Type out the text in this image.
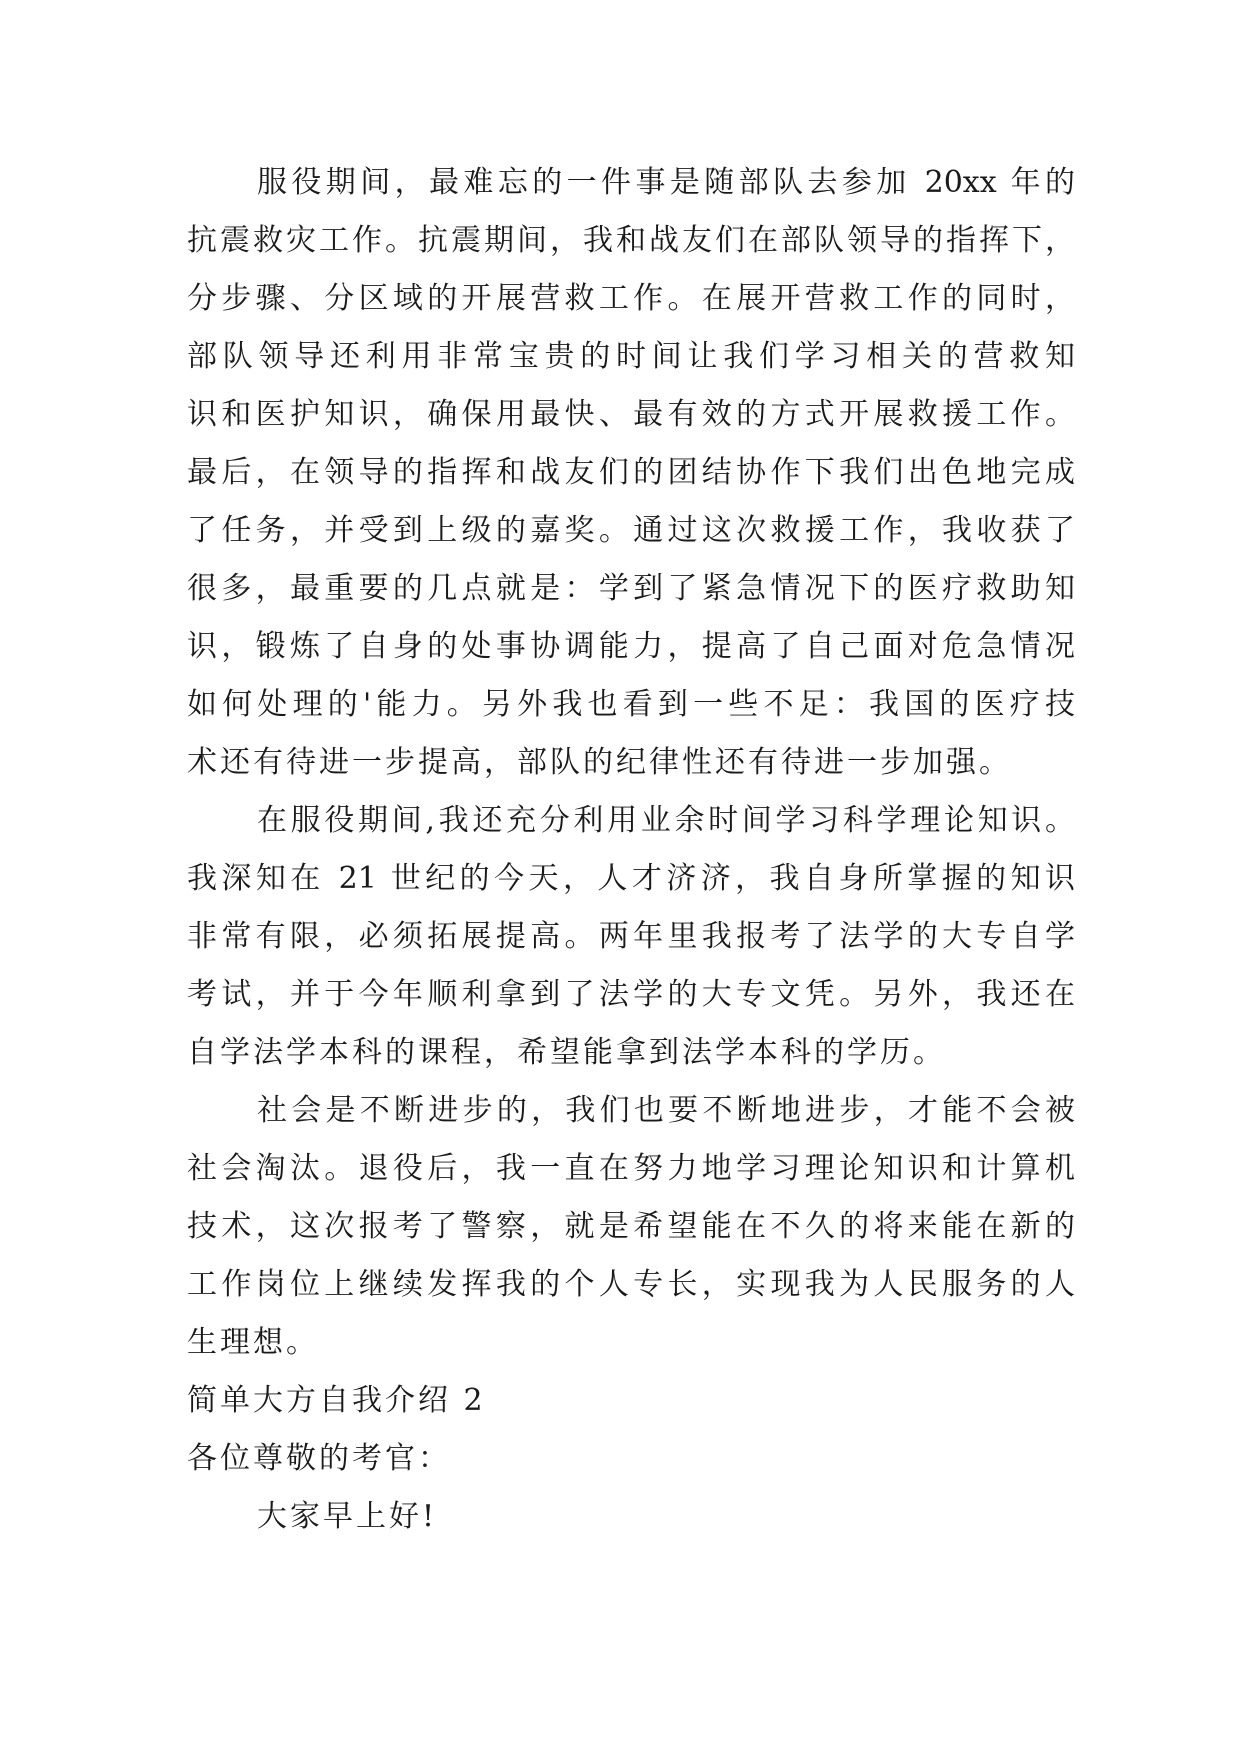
服役期间，最难忘的一件事是随部队去参加 20xx 年的
抗震救灾工作。抗震期间，我和战友们在部队领导的指挥下，
分步骤、分区域的开展营救工作。在展开营救工作的同时，
部队领导还利用非常宝贵的时间让我们学习相关的营救知
识和医护知识，确保用最快、最有效的方式开展救援工作。
最后，在领导的指挥和战友们的团结协作下我们出色地完成
了任务，并受到上级的嘉奖。通过这次救援工作，我收获了
很多，最重要的几点就是：学到了紧急情况下的医疗救助知
识，锻炼了自身的处事协调能力，提高了自己面对危急情况
如何处理的'能力。另外我也看到一些不足：我国的医疗技
术还有待进一步提高，部队的纪律性还有待进一步加强。
在服役期间,我还充分利用业余时间学习科学理论知识。
我深知在 21 世纪的今天，人才济济，我自身所掌握的知识
非常有限，必须拓展提高。两年里我报考了法学的大专自学
考试，并于今年顺利拿到了法学的大专文凭。另外，我还在
自学法学本科的课程，希望能拿到法学本科的学历。
社会是不断进步的，我们也要不断地进步，才能不会被
社会淘汰。退役后，我一直在努力地学习理论知识和计算机
技术，这次报考了警察，就是希望能在不久的将来能在新的
工作岗位上继续发挥我的个人专长，实现我为人民服务的人
生理想。
简单大方自我介绍 2
各位尊敬的考官：
大家早上好!
